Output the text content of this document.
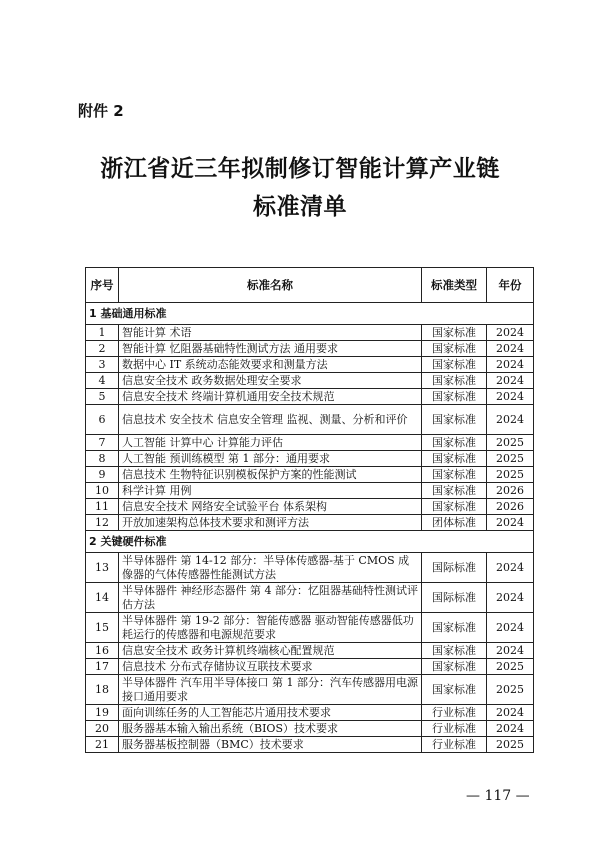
附件 2
浙江省近三年拟制修订智能计算产业链
标准清单
序号	标准名称	标准类型	年份
1 基础通用标准			
1	智能计算 术语	国家标准	2024
2	智能计算 忆阻器基础特性测试方法 通用要求	国家标准	2024
3	数据中心 IT 系统动态能效要求和测量方法	国家标准	2024
4	信息安全技术 政务数据处理安全要求	国家标准	2024
5	信息安全技术 终端计算机通用安全技术规范	国家标准	2024
6	信息技术 安全技术 信息安全管理 监视、测量、分析和评价	国家标准	2024
7	人工智能 计算中心 计算能力评估	国家标准	2025
8	人工智能 预训练模型 第 1 部分：通用要求	国家标准	2025
9	信息技术 生物特征识别模板保护方案的性能测试	国家标准	2025
10	科学计算 用例	国家标准	2026
11	信息安全技术 网络安全试验平台 体系架构	国家标准	2026
12	开放加速架构总体技术要求和测评方法	团体标准	2024
2 关键硬件标准			
13	半导体器件 第 14-12 部分：半导体传感器-基于 CMOS 成像器的气体传感器性能测试方法	国际标准	2024
14	半导体器件 神经形态器件 第 4 部分：忆阻器基础特性测试评估方法	国际标准	2024
15	半导体器件 第 19-2 部分：智能传感器 驱动智能传感器低功耗运行的传感器和电源规范要求	国家标准	2024
16	信息安全技术 政务计算机终端核心配置规范	国家标准	2024
17	信息技术 分布式存储协议互联技术要求	国家标准	2025
18	半导体器件 汽车用半导体接口 第 1 部分：汽车传感器用电源接口通用要求	国家标准	2025
19	面向训练任务的人工智能芯片通用技术要求	行业标准	2024
20	服务器基本输入输出系统（BIOS）技术要求	行业标准	2024
21	服务器基板控制器（BMC）技术要求	行业标准	2025
— 117 —
